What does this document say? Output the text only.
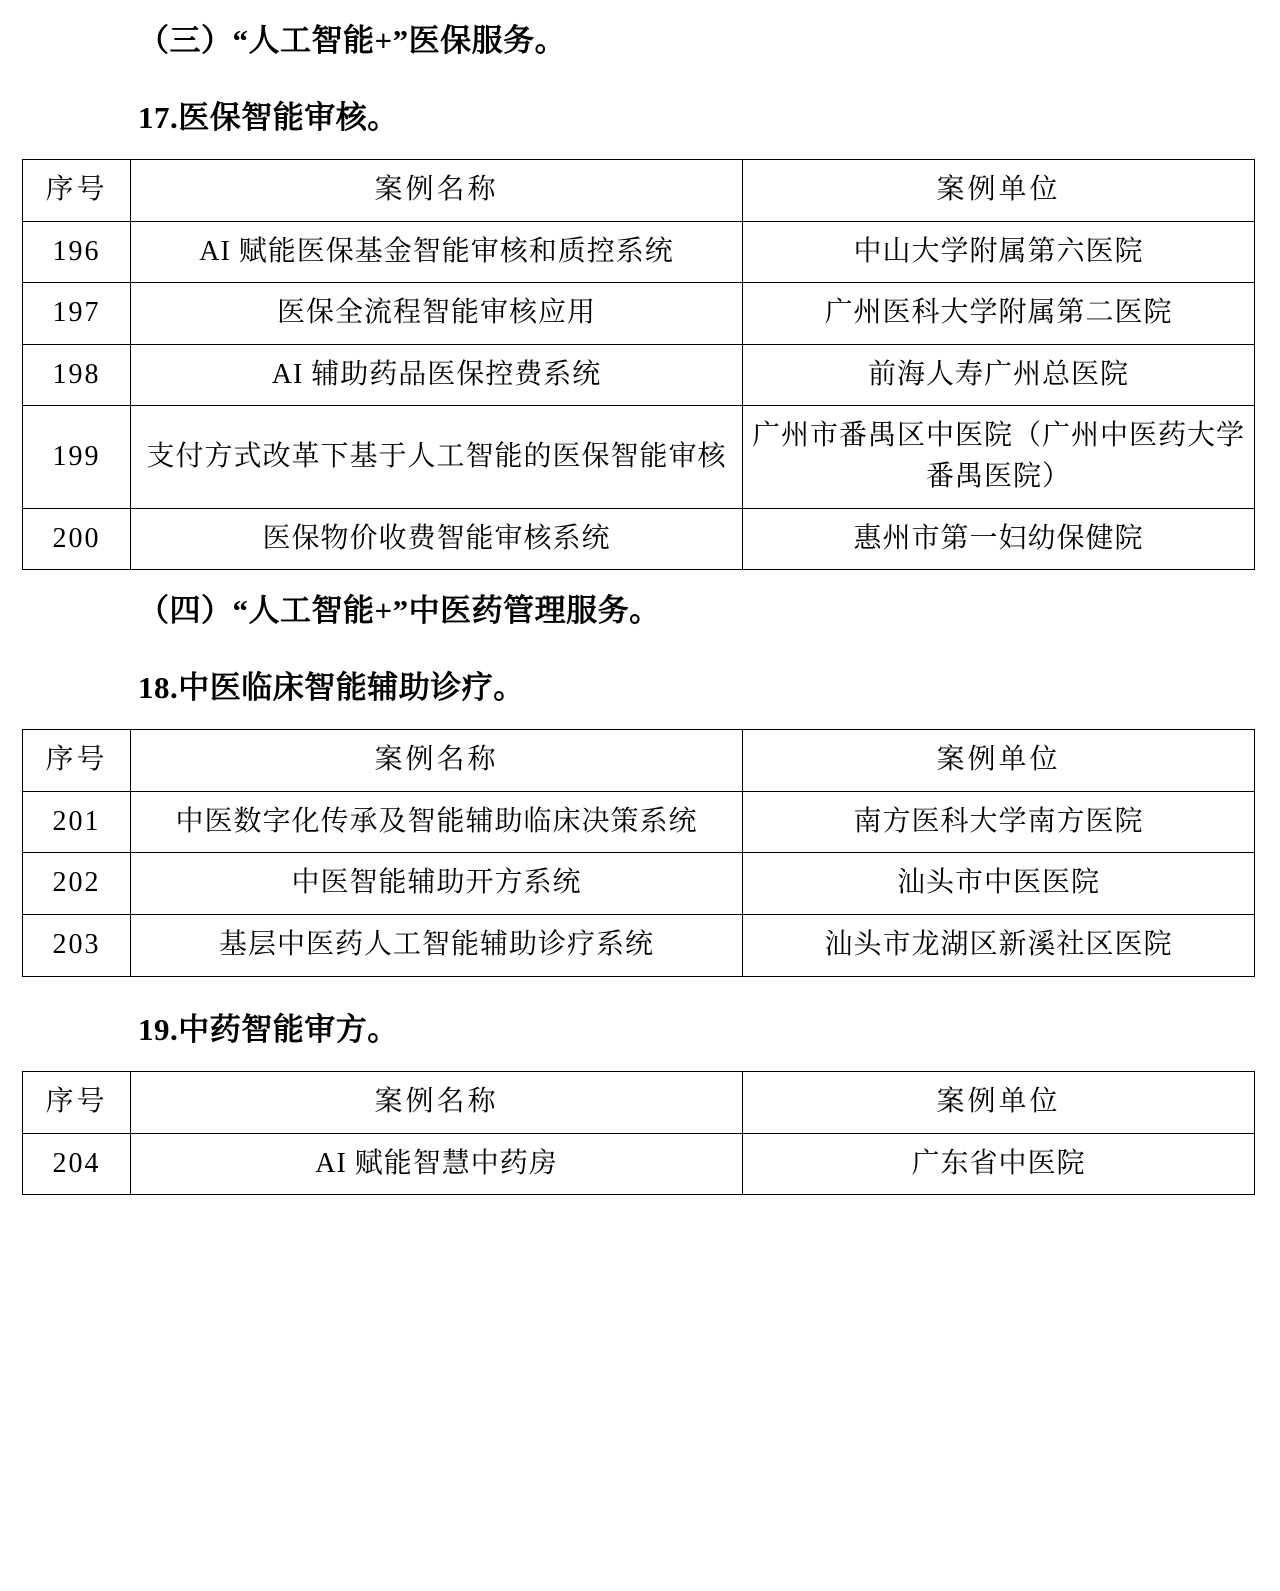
（三）“人工智能+”医保服务。

17.医保智能审核。

序号	案例名称	案例单位
196	AI 赋能医保基金智能审核和质控系统	中山大学附属第六医院
197	医保全流程智能审核应用	广州医科大学附属第二医院
198	AI 辅助药品医保控费系统	前海人寿广州总医院
199	支付方式改革下基于人工智能的医保智能审核	广州市番禺区中医院（广州中医药大学番禺医院）
200	医保物价收费智能审核系统	惠州市第一妇幼保健院

（四）“人工智能+”中医药管理服务。

18.中医临床智能辅助诊疗。

序号	案例名称	案例单位
201	中医数字化传承及智能辅助临床决策系统	南方医科大学南方医院
202	中医智能辅助开方系统	汕头市中医医院
203	基层中医药人工智能辅助诊疗系统	汕头市龙湖区新溪社区医院

19.中药智能审方。

序号	案例名称	案例单位
204	AI 赋能智慧中药房	广东省中医院
